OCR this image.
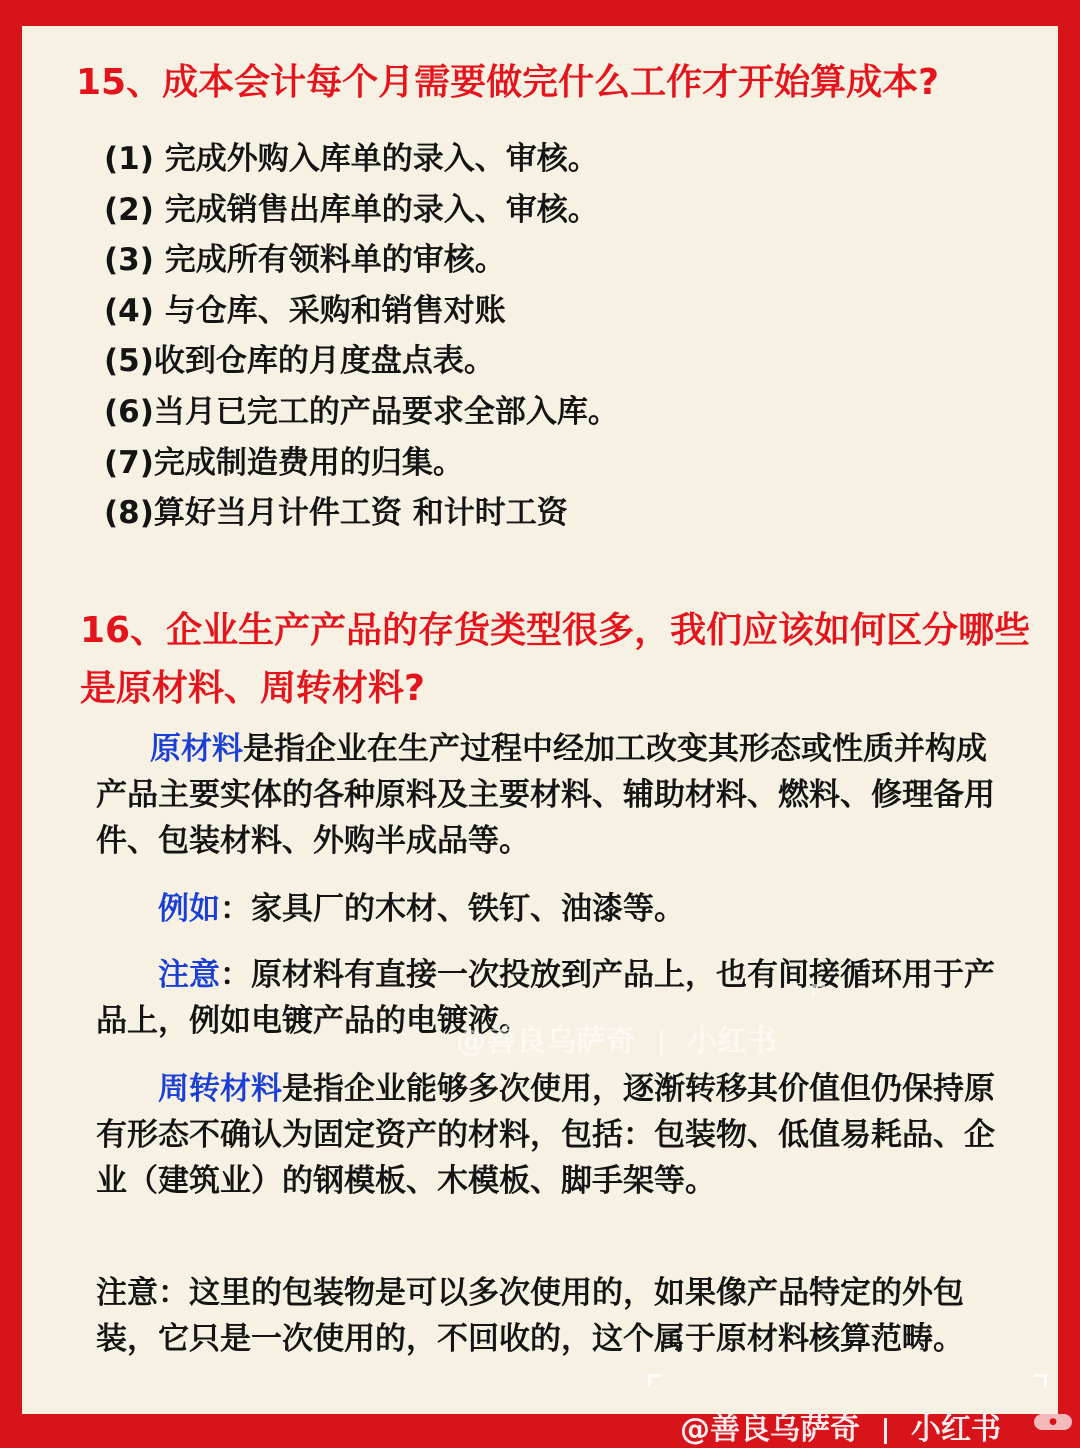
15、成本会计每个月需要做完什么工作才开始算成本?
(1) 完成外购入库单的录入、审核。
(2) 完成销售出库单的录入、审核。
(3) 完成所有领料单的审核。
(4) 与仓库、采购和销售对账
(5)收到仓库的月度盘点表。
(6)当月已完工的产品要求全部入库。
(7)完成制造费用的归集。
(8)算好当月计件工资 和计时工资
16、企业生产产品的存货类型很多，我们应该如何区分哪些是原材料、周转材料?

原材料是指企业在生产过程中经加工改变其形态或性质并构成产品主要实体的各种原料及主要材料、辅助材料、燃料、修理备用件、包装材料、外购半成品等。

例如：家具厂的木材、铁钉、油漆等。

注意：原材料有直接一次投放到产品上，也有间接循环用于产品上，例如电镀产品的电镀液。

周转材料是指企业能够多次使用，逐渐转移其价值但仍保持原有形态不确认为固定资产的材料，包括：包装物、低值易耗品、企业（建筑业）的钢模板、木模板、脚手架等。

注意：这里的包装物是可以多次使用的，如果像产品特定的外包装，它只是一次使用的，不回收的，这个属于原材料核算范畴。

@善良乌萨奇 小红书
@善良乌萨奇 小红书	●
